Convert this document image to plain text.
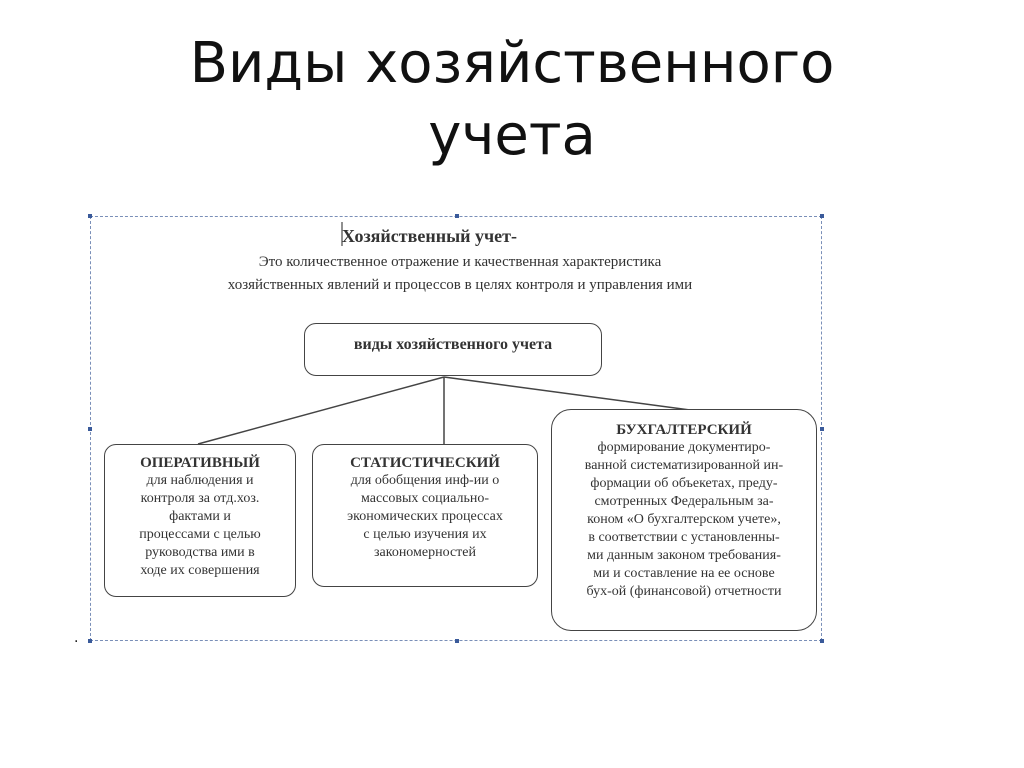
Виды хозяйственного
учета
Хозяйственный учет-
Это количественное отражение и качественная характеристика
хозяйственных явлений и процессов в целях контроля и управления ими
виды хозяйственного учета
ОПЕРАТИВНЫЙ
для наблюдения и
контроля за отд.хоз.
фактами и
процессами с целью
руководства ими в
ходе их совершения
СТАТИСТИЧЕСКИЙ
для обобщения инф-ии о
массовых социально-
экономических процессах
с целью изучения их
закономерностей
БУХГАЛТЕРСКИЙ
формирование документиро-
ванной систематизированной ин-
формации об объекетах, преду-
смотренных Федеральным за-
коном «О бухгалтерском учете»,
в соответствии с установленны-
ми данным законом требования-
ми и составление на ее основе
бух-ой (финансовой) отчетности
.
